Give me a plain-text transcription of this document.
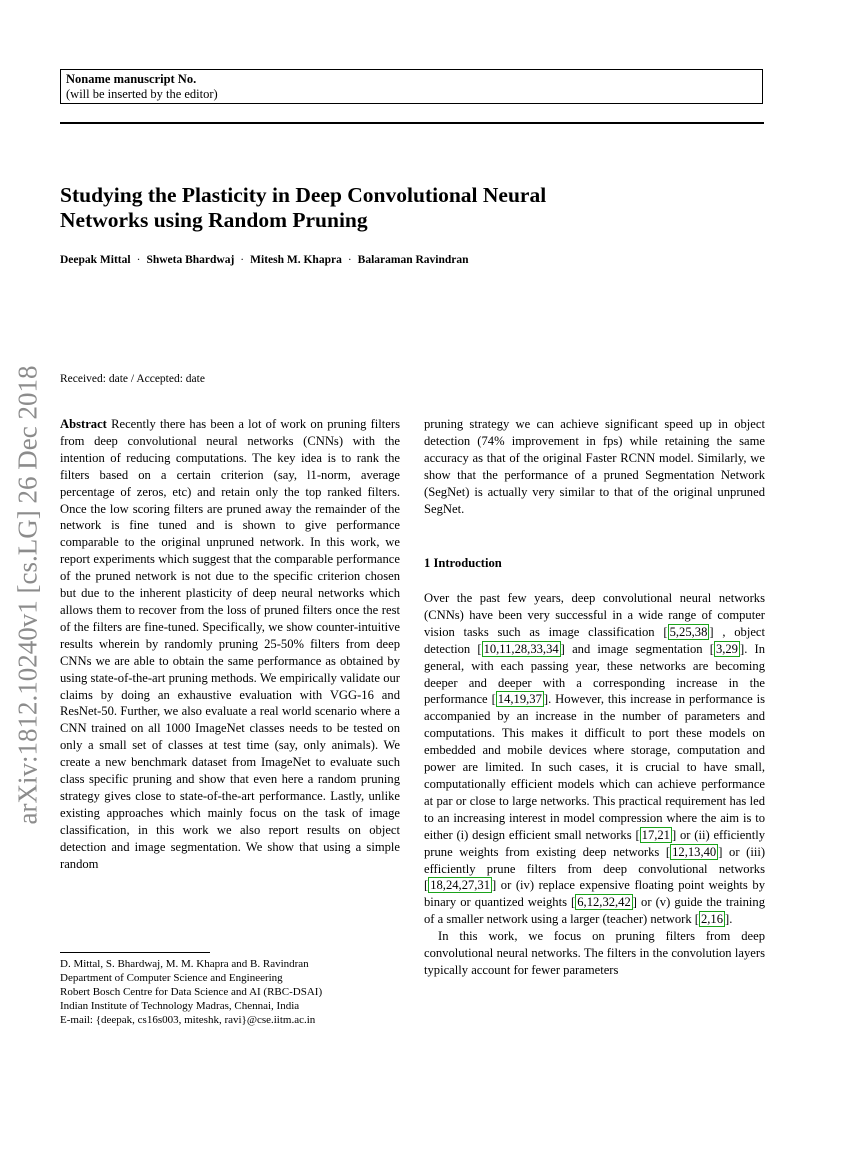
Noname manuscript No.
(will be inserted by the editor)
Studying the Plasticity in Deep Convolutional Neural
Networks using Random Pruning
Deepak Mittal · Shweta Bhardwaj · Mitesh M. Khapra · Balaraman Ravindran
arXiv:1812.10240v1 [cs.LG] 26 Dec 2018 Received: date / Accepted: date

Abstract Recently there has been a lot of work on pruning filters from deep convolutional neural networks (CNNs) with the intention of reducing computations. The key idea is to rank the filters based on a certain criterion (say, l1-norm, average percentage of zeros, etc) and retain only the top ranked filters. Once the low scoring filters are pruned away the remainder of the network is fine tuned and is shown to give performance comparable to the original unpruned network. In this work, we report experiments which suggest that the comparable performance of the pruned network is not due to the specific criterion chosen but due to the inherent plasticity of deep neural networks which allows them to recover from the loss of pruned filters once the rest of the filters are fine-tuned. Specifically, we show counter-intuitive results wherein by randomly pruning 25-50% filters from deep CNNs we are able to obtain the same performance as obtained by using state-of-the-art pruning methods. We empirically validate our claims by doing an exhaustive evaluation with VGG-16 and ResNet-50. Further, we also evaluate a real world scenario where a CNN trained on all 1000 ImageNet classes needs to be tested on only a small set of classes at test time (say, only animals). We create a new benchmark dataset from ImageNet to evaluate such class specific pruning and show that even here a random pruning strategy gives close to state-of-the-art performance. Lastly, unlike existing approaches which mainly focus on the task of image classification, in this work we also report results on object detection and image segmentation. We show that using a simple random

D. Mittal, S. Bhardwaj, M. M. Khapra and B. Ravindran
Department of Computer Science and Engineering
Robert Bosch Centre for Data Science and AI (RBC-DSAI)
Indian Institute of Technology Madras, Chennai, India
E-mail: {deepak, cs16s003, miteshk, ravi}@cse.iitm.ac.in

pruning strategy we can achieve significant speed up in object detection (74% improvement in fps) while retaining the same accuracy as that of the original Faster RCNN model. Similarly, we show that the performance of a pruned Segmentation Network (SegNet) is actually very similar to that of the original unpruned SegNet.

1 Introduction

Over the past few years, deep convolutional neural networks (CNNs) have been very successful in a wide range of computer vision tasks such as image classification [ 5,25,38 ] , object detection [ 10,11,28,33,34 ] and image segmentation [ 3,29 ]. In general, with each passing year, these networks are becoming deeper and deeper with a corresponding increase in the performance [ 14,19,37 ]. However, this increase in performance is accompanied by an increase in the number of parameters and computations. This makes it difficult to port these models on embedded and mobile devices where storage, computation and power are limited. In such cases, it is crucial to have small, computationally efficient models which can achieve performance at par or close to large networks. This practical requirement has led to an increasing interest in model compression where the aim is to either (i) design efficient small networks [ 17,21 ] or (ii) efficiently prune weights from existing deep networks [ 12,13,40 ] or (iii) efficiently prune filters from deep convolutional networks [ 18,24,27,31 ] or (iv) replace expensive floating point weights by binary or quantized weights [ 6,12,32,42 ] or (v) guide the training of a smaller network using a larger (teacher) network [ 2,16 ].

In this work, we focus on pruning filters from deep convolutional neural networks. The filters in the convolution layers typically account for fewer parameters
